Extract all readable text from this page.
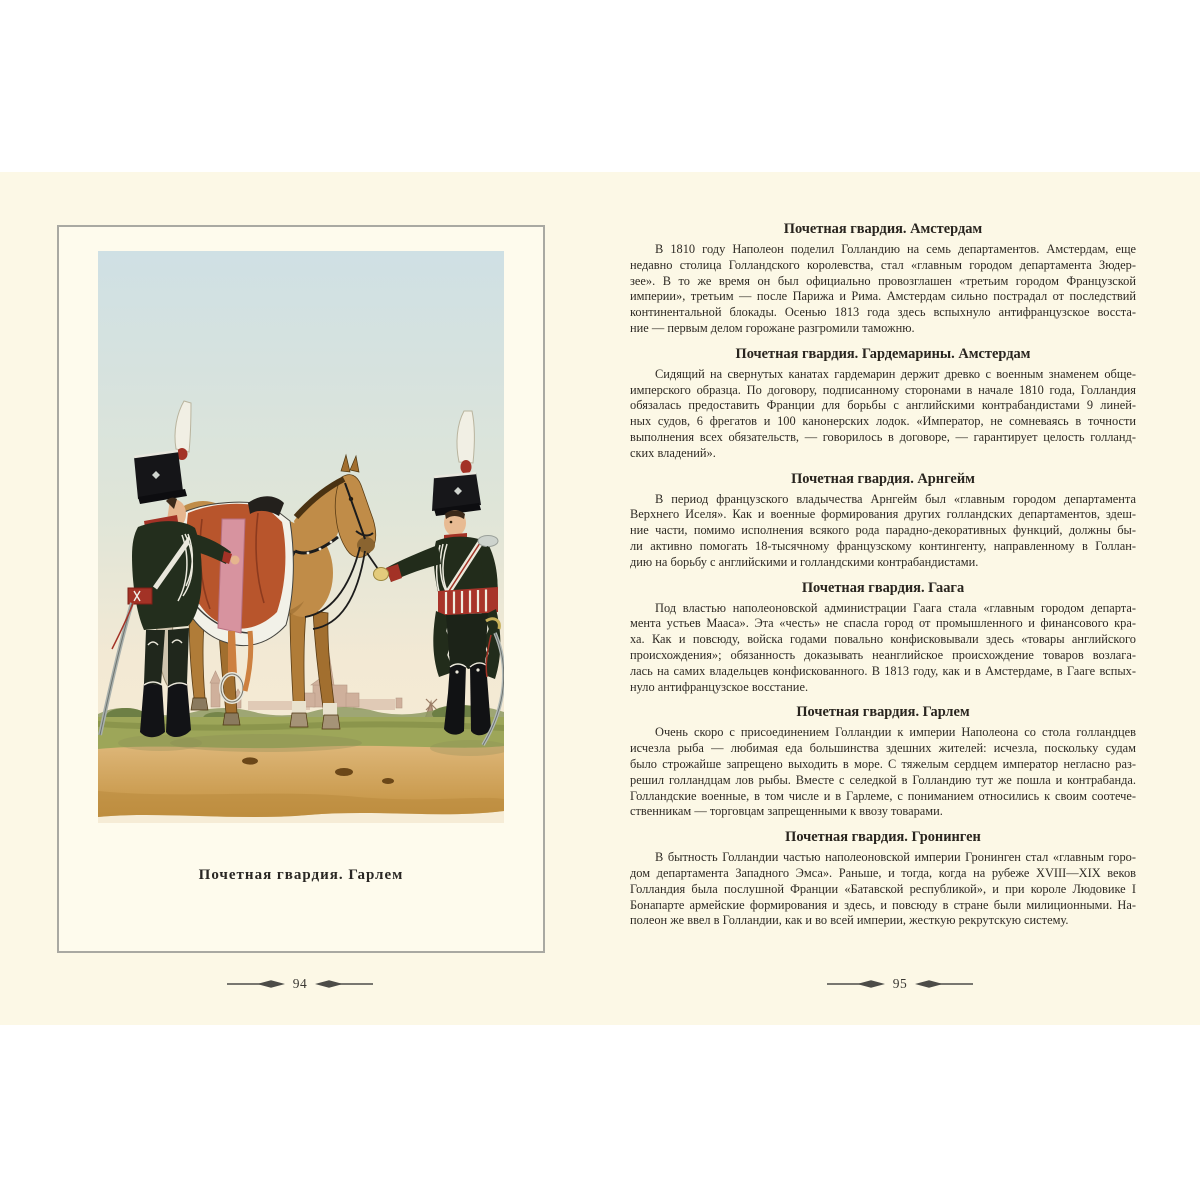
Почетная гвардия. Гарлем
Почетная гвардия. Амстердам
В 1810 году Наполеон поделил Голландию на семь департаментов. Амстердам, еще
недавно столица Голландского королевства, стал «главным городом департамента Зюдер-
зее». В то же время он был официально провозглашен «третьим городом Французской
империи», третьим — после Парижа и Рима. Амстердам сильно пострадал от последствий
континентальной блокады. Осенью 1813 года здесь вспыхнуло антифранцузское восста-
ние — первым делом горожане разгромили таможню.
Почетная гвардия. Гардемарины. Амстердам
Сидящий на свернутых канатах гардемарин держит древко с военным знаменем обще-
имперского образца. По договору, подписанному сторонами в начале 1810 года, Голландия
обязалась предоставить Франции для борьбы с английскими контрабандистами 9 линей-
ных судов, 6 фрегатов и 100 канонерских лодок. «Император, не сомневаясь в точности
выполнения всех обязательств, — говорилось в договоре, — гарантирует целость голланд-
ских владений».
Почетная гвардия. Арнгейм
В период французского владычества Арнгейм был «главным городом департамента
Верхнего Иселя». Как и военные формирования других голландских департаментов, здеш-
ние части, помимо исполнения всякого рода парадно-декоративных функций, должны бы-
ли активно помогать 18-тысячному французскому контингенту, направленному в Голлан-
дию на борьбу с английскими и голландскими контрабандистами.
Почетная гвардия. Гаага
Под властью наполеоновской администрации Гаага стала «главным городом департа-
мента устьев Мааса». Эта «честь» не спасла город от промышленного и финансового кра-
ха. Как и повсюду, войска годами повально конфисковывали здесь «товары английского
происхождения»; обязанность доказывать неанглийское происхождение товаров возлага-
лась на самих владельцев конфискованного. В 1813 году, как и в Амстердаме, в Гааге вспых-
нуло антифранцузское восстание.
Почетная гвардия. Гарлем
Очень скоро с присоединением Голландии к империи Наполеона со стола голландцев
исчезла рыба — любимая еда большинства здешних жителей: исчезла, поскольку судам
было строжайше запрещено выходить в море. С тяжелым сердцем император негласно раз-
решил голландцам лов рыбы. Вместе с селедкой в Голландию тут же пошла и контрабанда.
Голландские военные, в том числе и в Гарлеме, с пониманием относились к своим соотече-
ственникам — торговцам запрещенными к ввозу товарами.
Почетная гвардия. Гронинген
В бытность Голландии частью наполеоновской империи Гронинген стал «главным горо-
дом департамента Западного Эмса». Раньше, и тогда, когда на рубеже XVIII—XIX веков
Голландия была послушной Франции «Батавской республикой», и при короле Людовике I
Бонапарте армейские формирования и здесь, и повсюду в стране были милиционными. На-
полеон же ввел в Голландии, как и во всей империи, жесткую рекрутскую систему.
94	95
